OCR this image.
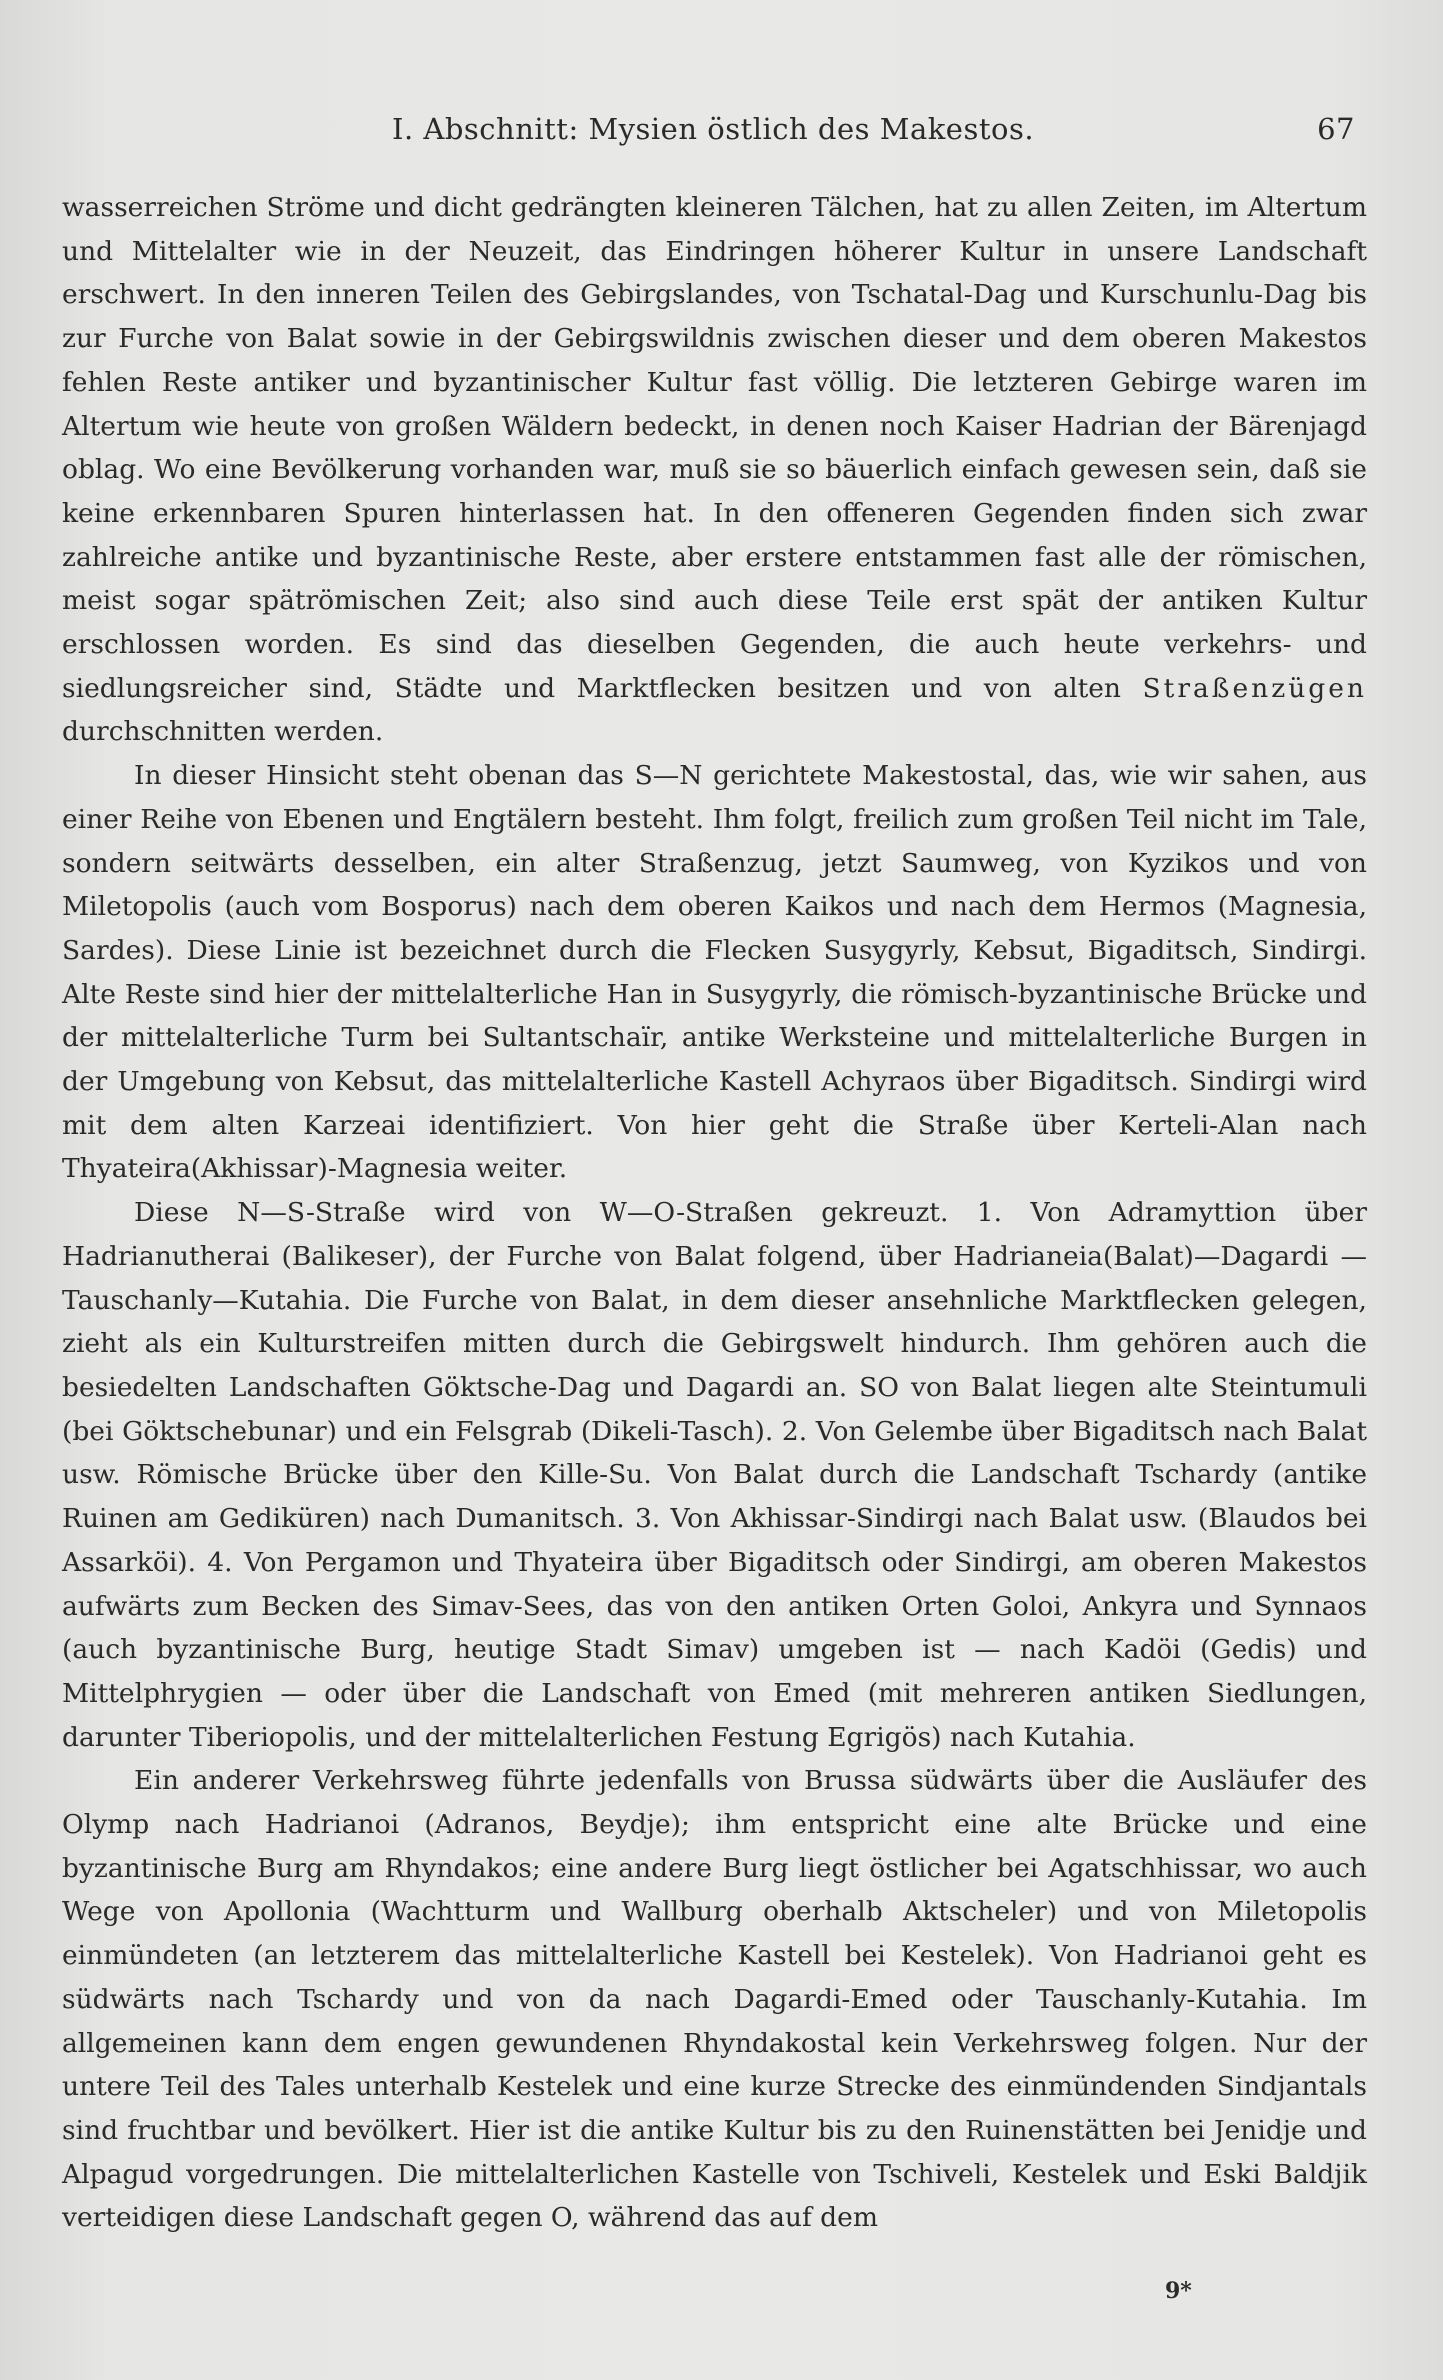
I. Abschnitt: Mysien östlich des Makestos.	67

wasserreichen Ströme und dicht gedrängten kleineren Tälchen, hat zu allen Zeiten, im Altertum und Mittelalter wie in der Neuzeit, das Eindringen höherer Kultur in unsere Landschaft erschwert. In den inneren Teilen des Gebirgslandes, von Tschatal-Dag und Kurschunlu-Dag bis zur Furche von Balat sowie in der Gebirgswildnis zwischen dieser und dem oberen Makestos fehlen Reste antiker und byzantinischer Kultur fast völlig. Die letzteren Gebirge waren im Altertum wie heute von großen Wäldern bedeckt, in denen noch Kaiser Hadrian der Bärenjagd oblag. Wo eine Bevölkerung vorhanden war, muß sie so bäuerlich einfach gewesen sein, daß sie keine erkennbaren Spuren hinterlassen hat. In den offeneren Gegenden finden sich zwar zahlreiche antike und byzantinische Reste, aber erstere entstammen fast alle der römischen, meist sogar spätrömischen Zeit; also sind auch diese Teile erst spät der antiken Kultur erschlossen worden. Es sind das dieselben Gegenden, die auch heute verkehrs- und siedlungsreicher sind, Städte und Marktflecken besitzen und von alten Straßenzügen durchschnitten werden.

In dieser Hinsicht steht obenan das S—N gerichtete Makestostal, das, wie wir sahen, aus einer Reihe von Ebenen und Engtälern besteht. Ihm folgt, freilich zum großen Teil nicht im Tale, sondern seitwärts desselben, ein alter Straßenzug, jetzt Saumweg, von Kyzikos und von Miletopolis (auch vom Bosporus) nach dem oberen Kaikos und nach dem Hermos (Magnesia, Sardes). Diese Linie ist bezeichnet durch die Flecken Susygyrly, Kebsut, Bigaditsch, Sindirgi. Alte Reste sind hier der mittelalterliche Han in Susygyrly, die römisch-byzantinische Brücke und der mittelalterliche Turm bei Sultantschaïr, antike Werksteine und mittelalterliche Burgen in der Umgebung von Kebsut, das mittelalterliche Kastell Achyraos über Bigaditsch. Sindirgi wird mit dem alten Karzeai identifiziert. Von hier geht die Straße über Kerteli-Alan nach Thyateira(Akhissar)-Magnesia weiter.

Diese N—S-Straße wird von W—O-Straßen gekreuzt. 1. Von Adramyttion über Hadrianutherai (Balikeser), der Furche von Balat folgend, über Hadrianeia(Balat)—Dagardi —Tauschanly—Kutahia. Die Furche von Balat, in dem dieser ansehnliche Marktflecken gelegen, zieht als ein Kulturstreifen mitten durch die Gebirgswelt hindurch. Ihm gehören auch die besiedelten Landschaften Göktsche-Dag und Dagardi an. SO von Balat liegen alte Steintumuli (bei Göktschebunar) und ein Felsgrab (Dikeli-Tasch). 2. Von Gelembe über Bigaditsch nach Balat usw. Römische Brücke über den Kille-Su. Von Balat durch die Landschaft Tschardy (antike Ruinen am Gediküren) nach Dumanitsch. 3. Von Akhissar-Sindirgi nach Balat usw. (Blaudos bei Assarköi). 4. Von Pergamon und Thyateira über Bigaditsch oder Sindirgi, am oberen Makestos aufwärts zum Becken des Simav-Sees, das von den antiken Orten Goloi, Ankyra und Synnaos (auch byzantinische Burg, heutige Stadt Simav) umgeben ist — nach Kadöi (Gedis) und Mittelphrygien — oder über die Landschaft von Emed (mit mehreren antiken Siedlungen, darunter Tiberiopolis, und der mittelalterlichen Festung Egrigös) nach Kutahia.

Ein anderer Verkehrsweg führte jedenfalls von Brussa südwärts über die Ausläufer des Olymp nach Hadrianoi (Adranos, Beydje); ihm entspricht eine alte Brücke und eine byzantinische Burg am Rhyndakos; eine andere Burg liegt östlicher bei Agatschhissar, wo auch Wege von Apollonia (Wachtturm und Wallburg oberhalb Aktscheler) und von Miletopolis einmündeten (an letzterem das mittelalterliche Kastell bei Kestelek). Von Hadrianoi geht es südwärts nach Tschardy und von da nach Dagardi-Emed oder Tauschanly-Kutahia. Im allgemeinen kann dem engen gewundenen Rhyndakostal kein Verkehrsweg folgen. Nur der untere Teil des Tales unterhalb Kestelek und eine kurze Strecke des einmündenden Sindjantals sind fruchtbar und bevölkert. Hier ist die antike Kultur bis zu den Ruinenstätten bei Jenidje und Alpagud vorgedrungen. Die mittelalterlichen Kastelle von Tschiveli, Kestelek und Eski Baldjik verteidigen diese Landschaft gegen O, während das auf dem

9*
